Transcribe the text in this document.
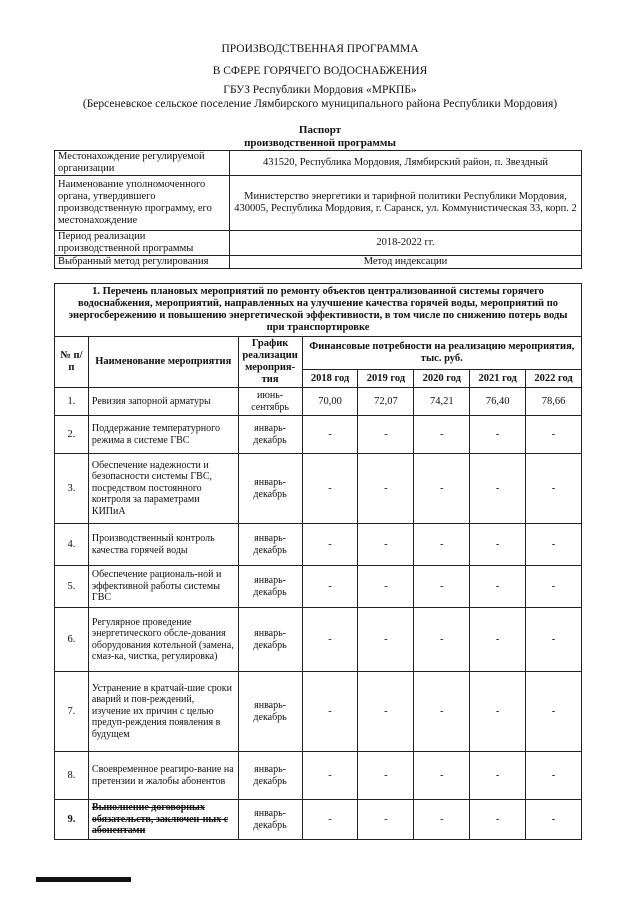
ПРОИЗВОДСТВЕННАЯ ПРОГРАММА
В СФЕРЕ ГОРЯЧЕГО ВОДОСНАБЖЕНИЯ
ГБУЗ Республики Мордовия «МРКПБ»
(Берсеневское сельское поселение Лямбирского муниципального района Республики Мордовия)
Паспорт
производственной программы
Местонахождение регулируемой организации	431520, Республика Мордовия, Лямбирский район, п. Звездный
Наименование уполномоченного органа, утвердившего производственную программу, его местонахождение	Министерство энергетики и тарифной политики Республики Мордовия, 430005, Республика Мордовия, г. Саранск, ул. Коммунистическая 33, корп. 2
Период реализации производственной программы	2018-2022 гг.
Выбранный метод регулирования	Метод индексации
1. Перечень плановых мероприятий по ремонту объектов централизованной системы горячего водоснабжения, мероприятий, направленных на улучшение качества горячей воды, мероприятий по энергосбережению и повышению энергетической эффективности, в том числе по снижению потерь воды при транспортировке							
№ п/п	Наименование мероприятия	График реализации мероприя-тия	Финансовые потребности на реализацию мероприятия, тыс. руб.				
			2018 год	2019 год	2020 год	2021 год	2022 год
1.	Ревизия запорной арматуры	июнь-сентябрь	70,00	72,07	74,21	76,40	78,66
2.	Поддержание температурного режима в системе ГВС	январь-декабрь	-	-	-	-	-
3.	Обеспечение надежности и безопасности системы ГВС, посредством постоянного контроля за параметрами КИПиА	январь-декабрь	-	-	-	-	-
4.	Производственный контроль качества горячей воды	январь-декабрь	-	-	-	-	-
5.	Обеспечение рациональ-ной и эффективной работы системы ГВС	январь-декабрь	-	-	-	-	-
6.	Регулярное проведение энергетического обсле-дования оборудования котельной (замена, смаз-ка, чистка, регулировка)	январь-декабрь	-	-	-	-	-
7.	Устранение в кратчай-шие сроки аварий и пов-реждений, изучение их причин с целью предуп-реждения появления в будущем	январь-декабрь	-	-	-	-	-
8.	Своевременное реагиро-вание на претензии и жалобы абонентов	январь-декабрь	-	-	-	-	-
9.	Выполнение договорных обязательств, заключен-ных с абонентами	январь-декабрь	-	-	-	-	-
